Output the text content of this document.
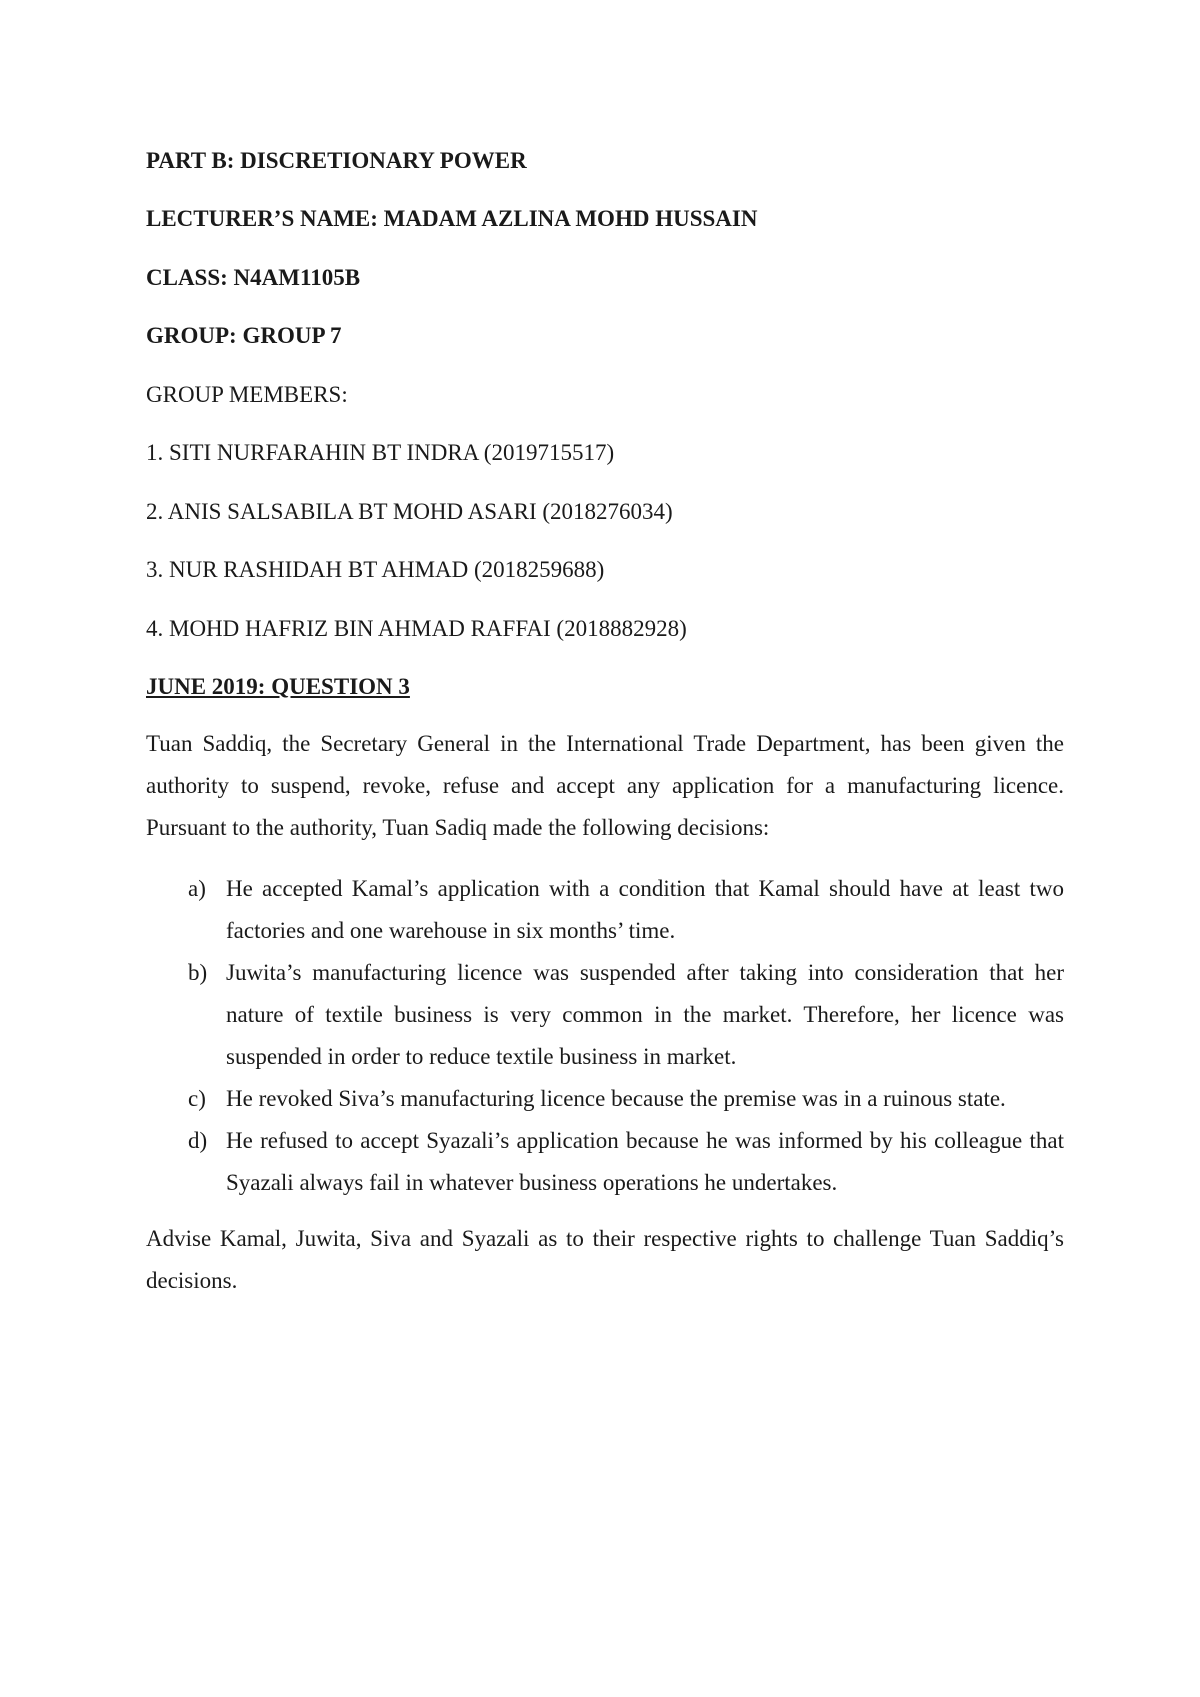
PART B: DISCRETIONARY POWER

LECTURER’S NAME: MADAM AZLINA MOHD HUSSAIN

CLASS: N4AM1105B

GROUP: GROUP 7

GROUP MEMBERS:

1. SITI NURFARAHIN BT INDRA (2019715517)

2. ANIS SALSABILA BT MOHD ASARI (2018276034)

3. NUR RASHIDAH BT AHMAD (2018259688)

4. MOHD HAFRIZ BIN AHMAD RAFFAI (2018882928)

JUNE 2019: QUESTION 3

Tuan Saddiq, the Secretary General in the International Trade Department, has been given the authority to suspend, revoke, refuse and accept any application for a manufacturing licence. Pursuant to the authority, Tuan Sadiq made the following decisions:

a) He accepted Kamal’s application with a condition that Kamal should have at least two factories and one warehouse in six months’ time.
b) Juwita’s manufacturing licence was suspended after taking into consideration that her nature of textile business is very common in the market. Therefore, her licence was suspended in order to reduce textile business in market.
c) He revoked Siva’s manufacturing licence because the premise was in a ruinous state.
d) He refused to accept Syazali’s application because he was informed by his colleague that Syazali always fail in whatever business operations he undertakes.

Advise Kamal, Juwita, Siva and Syazali as to their respective rights to challenge Tuan Saddiq’s decisions.
